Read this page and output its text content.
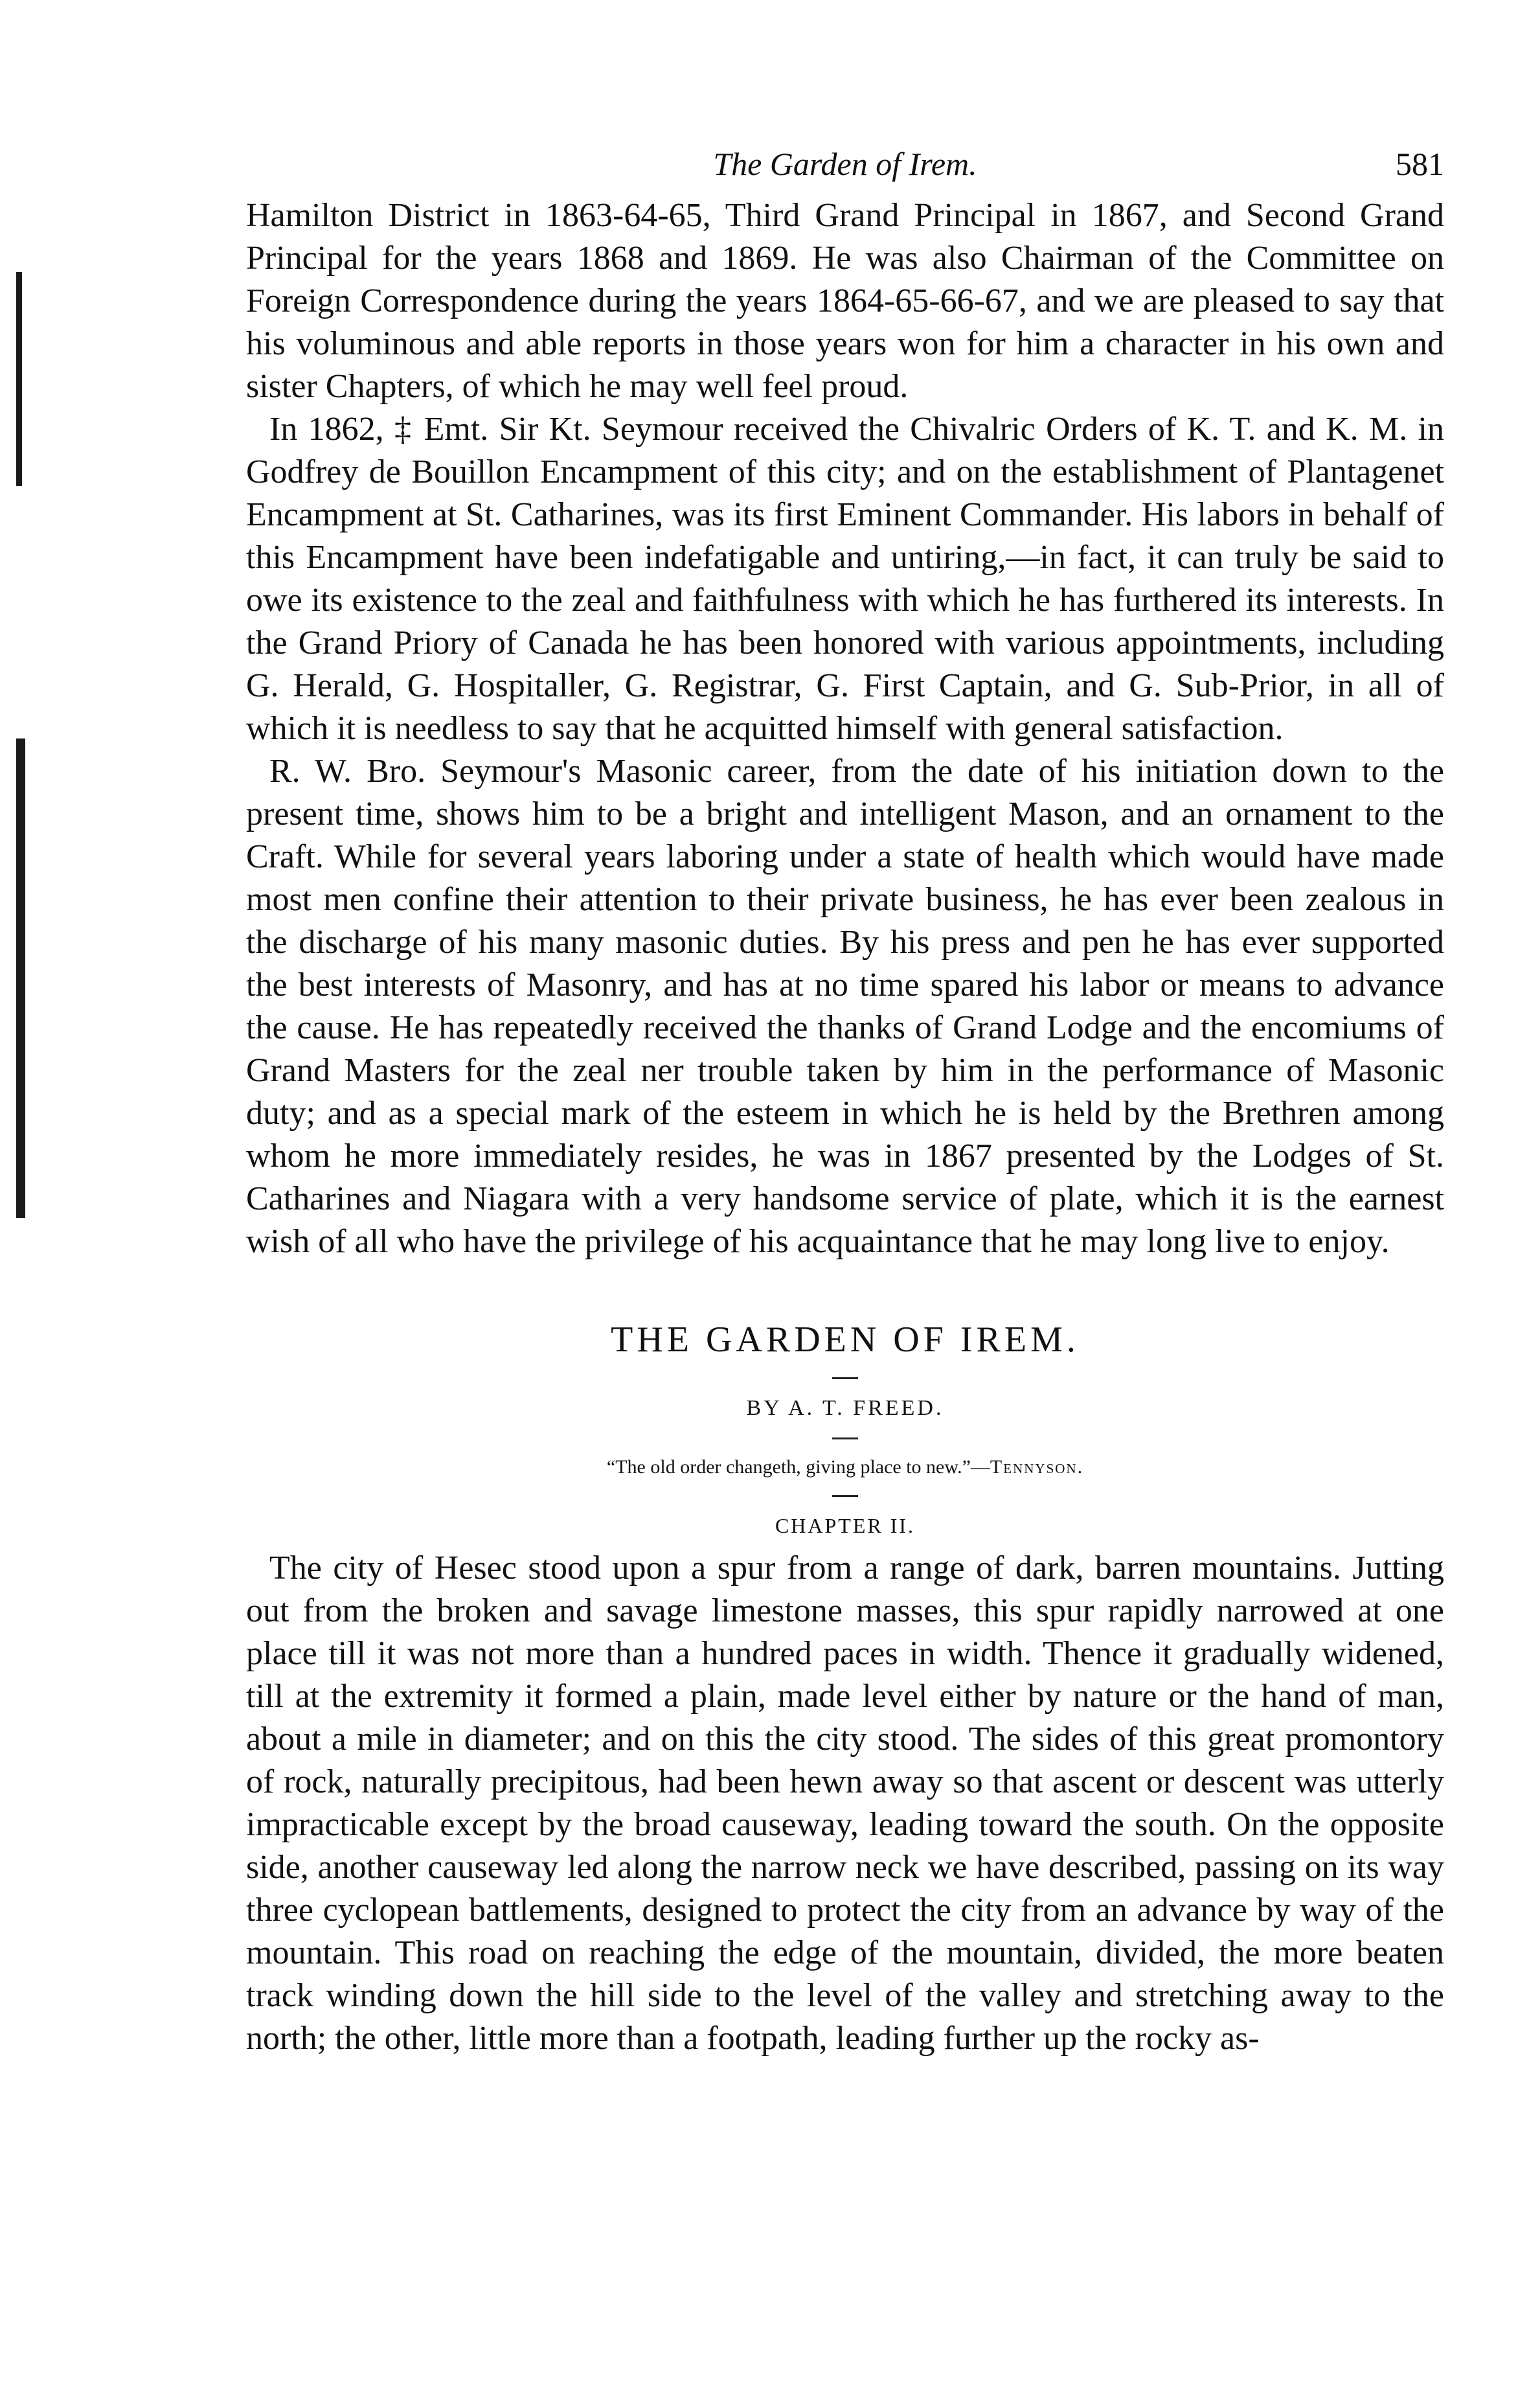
The Garden of Irem.	581

Hamilton District in 1863-64-65, Third Grand Principal in 1867, and Second Grand Principal for the years 1868 and 1869. He was also Chairman of the Committee on Foreign Correspondence during the years 1864-65-66-67, and we are pleased to say that his voluminous and able reports in those years won for him a character in his own and sister Chapters, of which he may well feel proud.

In 1862, ‡ Emt. Sir Kt. Seymour received the Chivalric Orders of K. T. and K. M. in Godfrey de Bouillon Encampment of this city; and on the establishment of Plantagenet Encampment at St. Catharines, was its first Eminent Commander. His labors in behalf of this Encampment have been indefatigable and untiring,—in fact, it can truly be said to owe its existence to the zeal and faithfulness with which he has furthered its interests. In the Grand Priory of Canada he has been honored with various appointments, including G. Herald, G. Hospitaller, G. Registrar, G. First Captain, and G. Sub-Prior, in all of which it is needless to say that he acquitted himself with general satisfaction.

R. W. Bro. Seymour's Masonic career, from the date of his initiation down to the present time, shows him to be a bright and intelligent Mason, and an ornament to the Craft. While for several years laboring under a state of health which would have made most men confine their attention to their private business, he has ever been zealous in the discharge of his many masonic duties. By his press and pen he has ever supported the best interests of Masonry, and has at no time spared his labor or means to advance the cause. He has repeatedly received the thanks of Grand Lodge and the encomiums of Grand Masters for the zeal ner trouble taken by him in the performance of Masonic duty; and as a special mark of the esteem in which he is held by the Brethren among whom he more immediately resides, he was in 1867 presented by the Lodges of St. Catharines and Niagara with a very handsome service of plate, which it is the earnest wish of all who have the privilege of his acquaintance that he may long live to enjoy.

THE GARDEN OF IREM.
BY A. T. FREED.
“The old order changeth, giving place to new.”—Tennyson.
CHAPTER II.

The city of Hesec stood upon a spur from a range of dark, barren mountains. Jutting out from the broken and savage limestone masses, this spur rapidly narrowed at one place till it was not more than a hundred paces in width. Thence it gradually widened, till at the extremity it formed a plain, made level either by nature or the hand of man, about a mile in diameter; and on this the city stood. The sides of this great promontory of rock, naturally precipitous, had been hewn away so that ascent or descent was utterly impracticable except by the broad causeway, leading toward the south. On the opposite side, another causeway led along the narrow neck we have described, passing on its way three cyclopean battlements, designed to protect the city from an advance by way of the mountain. This road on reaching the edge of the mountain, divided, the more beaten track winding down the hill side to the level of the valley and stretching away to the north; the other, little more than a footpath, leading further up the rocky as-
